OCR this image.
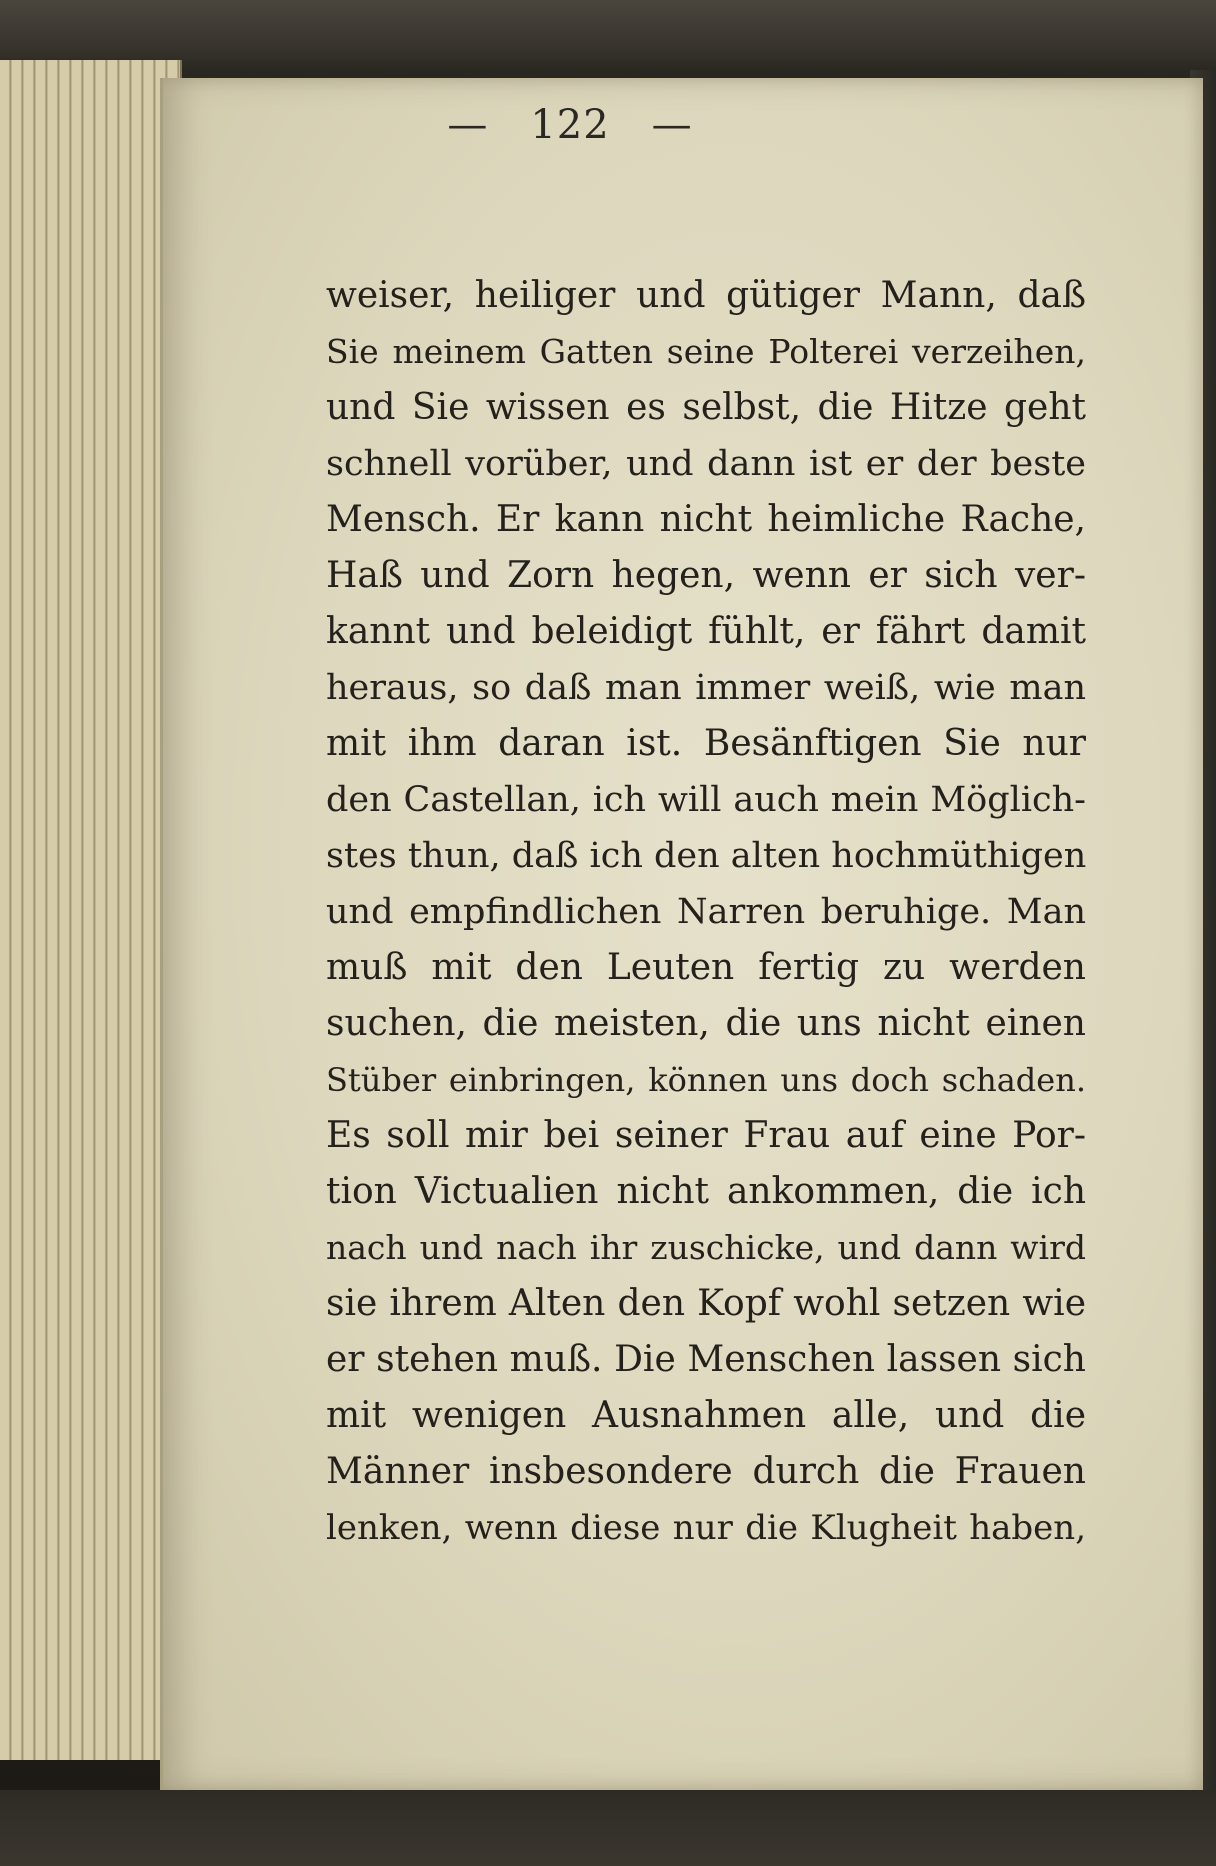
— 122 —
weiser, heiliger und gütiger Mann, daß
Sie meinem Gatten seine Polterei verzeihen,
und Sie wissen es selbst, die Hitze geht
schnell vorüber, und dann ist er der beste
Mensch. Er kann nicht heimliche Rache,
Haß und Zorn hegen, wenn er sich ver-
kannt und beleidigt fühlt, er fährt damit
heraus, so daß man immer weiß, wie man
mit ihm daran ist. Besänftigen Sie nur
den Castellan, ich will auch mein Möglich-
stes thun, daß ich den alten hochmüthigen
und empfindlichen Narren beruhige. Man
muß mit den Leuten fertig zu werden
suchen, die meisten, die uns nicht einen
Stüber einbringen, können uns doch schaden.
Es soll mir bei seiner Frau auf eine Por-
tion Victualien nicht ankommen, die ich
nach und nach ihr zuschicke, und dann wird
sie ihrem Alten den Kopf wohl setzen wie
er stehen muß. Die Menschen lassen sich
mit wenigen Ausnahmen alle, und die
Männer insbesondere durch die Frauen
lenken, wenn diese nur die Klugheit haben,
